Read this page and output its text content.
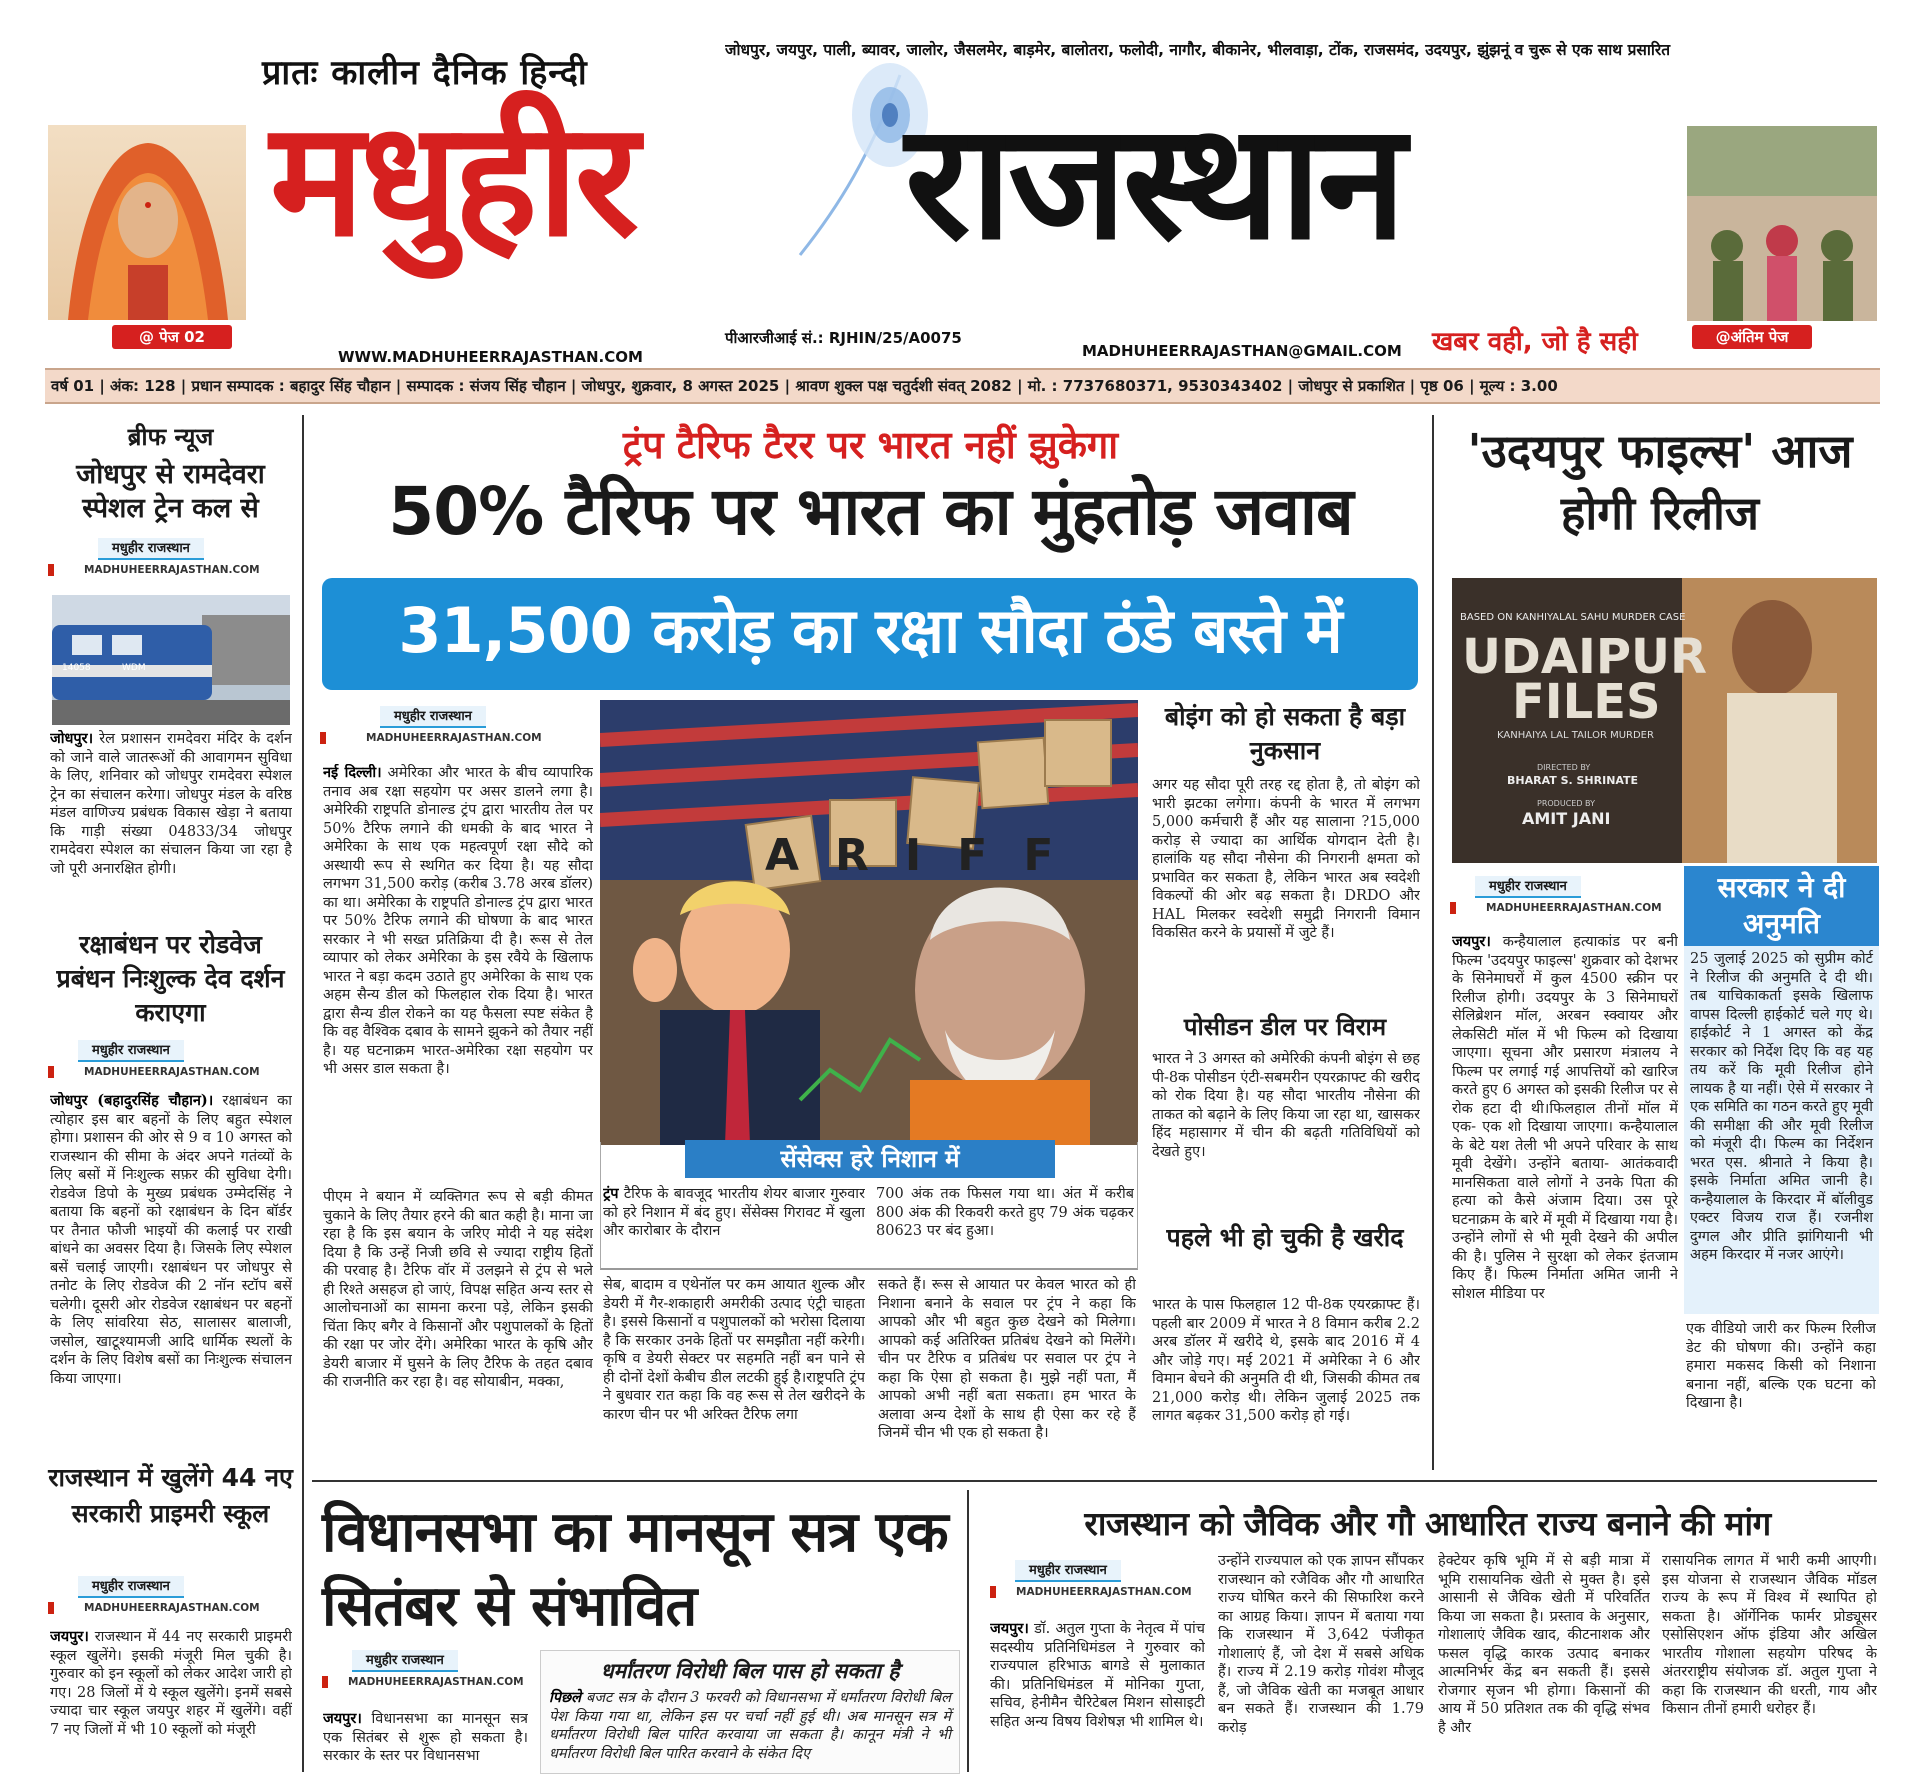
प्रातः कालीन दैनिक हिन्दी
जोधपुर, जयपुर, पाली, ब्यावर, जालोर, जैसलमेर, बाड़मेर, बालोतरा, फलोदी, नागौर, बीकानेर, भीलवाड़ा, टोंक, राजसमंद, उदयपुर, झुंझनूं व चुरू से एक साथ प्रसारित
मधुहीर राजस्थान
@ पेज 02	@अंतिम पेज
WWW.MADHUHEERRAJASTHAN.COM
पीआरजीआई सं.: RJHIN/25/A0075
MADHUHEERRAJASTHAN@GMAIL.COM खबर वही, जो है सही
वर्ष 01 | अंक: 128 | प्रधान सम्पादक : बहादुर सिंह चौहान | सम्पादक : संजय सिंह चौहान | जोधपुर, शुक्रवार, 8 अगस्त 2025 | श्रावण शुक्ल पक्ष चतुर्दशी संवत् 2082 | मो. : 7737680371, 9530343402 | जोधपुर से प्रकाशित | पृष्ठ 06 | मूल्य : 3.00
ब्रीफ न्यूज
जोधपुर से रामदेवरा स्पेशल ट्रेन कल से
मधुहीर राजस्थान
MADHUHEERRAJASTHAN.COM
14058	WDM
जोधपुर। रेल प्रशासन रामदेवरा मंदिर के दर्शन को जाने वाले जातरूओं की आवागमन सुविधा के लिए, शनिवार को जोधपुर रामदेवरा स्पेशल ट्रेन का संचालन करेगा। जोधपुर मंडल के वरिष्ठ मंडल वाणिज्य प्रबंधक विकास खेड़ा ने बताया कि गाड़ी संख्या 04833/34 जोधपुर रामदेवरा स्पेशल का संचालन किया जा रहा है जो पूरी अनारक्षित होगी।
रक्षाबंधन पर रोडवेज प्रबंधन निःशुल्क देव दर्शन कराएगा
मधुहीर राजस्थान
MADHUHEERRAJASTHAN.COM
जोधपुर (बहादुरसिंह चौहान)। रक्षाबंधन का त्योहार इस बार बहनों के लिए बहुत स्पेशल होगा। प्रशासन की ओर से 9 व 10 अगस्त को राजस्थान की सीमा के अंदर अपने गतंव्यों के लिए बसों में निःशुल्क सफ़र की सुविधा देगी। रोडवेज डिपो के मुख्य प्रबंधक उम्मेदसिंह ने बताया कि बहनों को रक्षाबंधन के दिन बॉर्डर पर तैनात फौजी भाइयों की कलाई पर राखी बांधने का अवसर दिया है। जिसके लिए स्पेशल बसें चलाई जाएगी। रक्षाबंधन पर जोधपुर से तनोट के लिए रोडवेज की 2 नॉन स्टॉप बसें चलेगी। दूसरी ओर रोडवेज रक्षाबंधन पर बहनों के लिए सांवरिया सेठ, सालासर बालाजी, जसोल, खाटूश्यामजी आदि धार्मिक स्थलों के दर्शन के लिए विशेष बसों का निःशुल्क संचालन किया जाएगा।
राजस्थान में खुलेंगे 44 नए सरकारी प्राइमरी स्कूल
मधुहीर राजस्थान
MADHUHEERRAJASTHAN.COM
जयपुर। राजस्थान में 44 नए सरकारी प्राइमरी स्कूल खुलेंगे। इसकी मंजूरी मिल चुकी है। गुरुवार को इन स्कूलों को लेकर आदेश जारी हो गए। 28 जिलों में ये स्कूल खुलेंगे। इनमें सबसे ज्यादा चार स्कूल जयपुर शहर में खुलेंगे। वहीं 7 नए जिलों में भी 10 स्कूलों को मंजूरी
ट्रंप टैरिफ टैरर पर भारत नहीं झुकेगा
50% टैरिफ पर भारत का मुंहतोड़ जवाब
31,500 करोड़ का रक्षा सौदा ठंडे बस्ते में
मधुहीर राजस्थान
MADHUHEERRAJASTHAN.COM
नई दिल्ली। अमेरिका और भारत के बीच व्यापारिक तनाव अब रक्षा सहयोग पर असर डालने लगा है। अमेरिकी राष्ट्रपति डोनाल्ड ट्रंप द्वारा भारतीय तेल पर 50% टैरिफ लगाने की धमकी के बाद भारत ने अमेरिका के साथ एक महत्वपूर्ण रक्षा सौदे को अस्थायी रूप से स्थगित कर दिया है। यह सौदा लगभग 31,500 करोड़ (करीब 3.78 अरब डॉलर) का था। अमेरिका के राष्ट्रपति डोनाल्ड ट्रंप द्वारा भारत पर 50% टैरिफ लगाने की घोषणा के बाद भारत सरकार ने भी सख्त प्रतिक्रिया दी है। रूस से तेल व्यापार को लेकर अमेरिका के इस रवैये के खिलाफ भारत ने बड़ा कदम उठाते हुए अमेरिका के साथ एक अहम सैन्य डील को फिलहाल रोक दिया है। भारत द्वारा सैन्य डील रोकने का यह फैसला स्पष्ट संकेत है कि वह वैश्विक दबाव के सामने झुकने को तैयार नहीं है। यह घटनाक्रम भारत-अमेरिका रक्षा सहयोग पर भी असर डाल सकता है।
पीएम ने बयान में व्यक्तिगत रूप से बड़ी कीमत चुकाने के लिए तैयार हरने की बात कही है। माना जा रहा है कि इस बयान के जरिए मोदी ने यह संदेश दिया है कि उन्हें निजी छवि से ज्यादा राष्ट्रीय हितों की परवाह है। टैरिफ वॉर में उलझने से ट्रंप से भले ही रिश्ते असहज हो जाएं, विपक्ष सहित अन्य स्तर से आलोचनाओं का सामना करना पड़े, लेकिन इसकी चिंता किए बगैर वे किसानों और पशुपालकों के हितों की रक्षा पर जोर देंगे। अमेरिका भारत के कृषि और डेयरी बाजार में घुसने के लिए टैरिफ के तहत दबाव की राजनीति कर रहा है। वह सोयाबीन, मक्का,
ARIFF
सेंसेक्स हरे निशान में
ट्रंप टैरिफ के बावजूद भारतीय शेयर बाजार गुरुवार को हरे निशान में बंद हुए। सेंसेक्स गिरावट में खुला और कारोबार के दौरान
700 अंक तक फिसल गया था। अंत में करीब 800 अंक की रिकवरी करते हुए 79 अंक चढ़कर 80623 पर बंद हुआ।
सेब, बादाम व एथेनॉल पर कम आयात शुल्क और डेयरी में गैर-शकाहारी अमरीकी उत्पाद एंट्री चाहता है। इससे किसानों व पशुपालकों को भरोसा दिलाया है कि सरकार उनके हितों पर समझौता नहीं करेगी। कृषि व डेयरी सेक्टर पर सहमति नहीं बन पाने से ही दोनों देशों केबीच डील लटकी हुई है।राष्ट्रपति ट्रंप ने बुधवार रात कहा कि वह रूस से तेल खरीदने के कारण चीन पर भी अरिक्त टैरिफ लगा
सकते हैं। रूस से आयात पर केवल भारत को ही निशाना बनाने के सवाल पर ट्रंप ने कहा कि आपको और भी बहुत कुछ देखने को मिलेगा। आपको कई अतिरिक्त प्रतिबंध देखने को मिलेंगे। चीन पर टैरिफ व प्रतिबंध पर सवाल पर ट्रंप ने कहा कि ऐसा हो सकता है। मुझे नहीं पता, मैं आपको अभी नहीं बता सकता। हम भारत के अलावा अन्य देशों के साथ ही ऐसा कर रहे हैं जिनमें चीन भी एक हो सकता है।
बोइंग को हो सकता है बड़ा नुकसान
अगर यह सौदा पूरी तरह रद्द होता है, तो बोइंग को भारी झटका लगेगा। कंपनी के भारत में लगभग 5,000 कर्मचारी हैं और यह सालाना ?15,000 करोड़ से ज्यादा का आर्थिक योगदान देती है। हालांकि यह सौदा नौसेना की निगरानी क्षमता को प्रभावित कर सकता है, लेकिन भारत अब स्वदेशी विकल्पों की ओर बढ़ सकता है। DRDO और HAL मिलकर स्वदेशी समुद्री निगरानी विमान विकसित करने के प्रयासों में जुटे हैं।
पोसीडन डील पर विराम
भारत ने 3 अगस्त को अमेरिकी कंपनी बोइंग से छह पी-8क पोसीडन एंटी-सबमरीन एयरक्राफ्ट की खरीद को रोक दिया है। यह सौदा भारतीय नौसेना की ताकत को बढ़ाने के लिए किया जा रहा था, खासकर हिंद महासागर में चीन की बढ़ती गतिविधियों को देखते हुए।
पहले भी हो चुकी है खरीद
भारत के पास फिलहाल 12 पी-8क एयरक्राफ्ट हैं। पहली बार 2009 में भारत ने 8 विमान करीब 2.2 अरब डॉलर में खरीदे थे, इसके बाद 2016 में 4 और जोड़े गए। मई 2021 में अमेरिका ने 6 और विमान बेचने की अनुमति दी थी, जिसकी कीमत तब 21,000 करोड़ थी। लेकिन जुलाई 2025 तक लागत बढ़कर 31,500 करोड़ हो गई।
'उदयपुर फाइल्स' आज होगी रिलीज
BASED ON KANHIYALAL SAHU MURDER CASE
UDAIPUR
FILES
KANHAIYA LAL TAILOR MURDER
DIRECTED BY
BHARAT S. SHRINATE
PRODUCED BY
AMIT JANI
मधुहीर राजस्थान
MADHUHEERRAJASTHAN.COM
जयपुर। कन्हैयालाल हत्याकांड पर बनी फिल्म 'उदयपुर फाइल्स' शुक्रवार को देशभर के सिनेमाघरों में कुल 4500 स्क्रीन पर रिलीज होगी। उदयपुर के 3 सिनेमाघरों सेलिब्रेशन मॉल, अरबन स्क्वायर और लेकसिटी मॉल में भी फिल्म को दिखाया जाएगा। सूचना और प्रसारण मंत्रालय ने फिल्म पर लगाई गई आपत्तियों को खारिज करते हुए 6 अगस्त को इसकी रिलीज पर से रोक हटा दी थी।फिलहाल तीनों मॉल में एक- एक शो दिखाया जाएगा। कन्हैयालाल के बेटे यश तेली भी अपने परिवार के साथ मूवी देखेंगे। उन्होंने बताया- आतंकवादी मानसिकता वाले लोगों ने उनके पिता की हत्या को कैसे अंजाम दिया। उस पूरे घटनाक्रम के बारे में मूवी में दिखाया गया है। उन्होंने लोगों से भी मूवी देखने की अपील की है। पुलिस ने सुरक्षा को लेकर इंतजाम किए हैं। फिल्म निर्माता अमित जानी ने सोशल मीडिया पर
सरकार ने दी अनुमति
25 जुलाई 2025 को सुप्रीम कोर्ट ने रिलीज की अनुमति दे दी थी। तब याचिकाकर्ता इसके खिलाफ वापस दिल्ली हाईकोर्ट चले गए थे। हाईकोर्ट ने 1 अगस्त को केंद्र सरकार को निर्देश दिए कि वह यह तय करें कि मूवी रिलीज होने लायक है या नहीं। ऐसे में सरकार ने एक समिति का गठन करते हुए मूवी की समीक्षा की और मूवी रिलीज को मंजूरी दी। फिल्म का निर्देशन भरत एस. श्रीनाते ने किया है। इसके निर्माता अमित जानी है। कन्हैयालाल के किरदार में बॉलीवुड एक्टर विजय राज हैं। रजनीश दुग्गल और प्रीति झांगियानी भी अहम किरदार में नजर आएंगे।
एक वीडियो जारी कर फिल्म रिलीज डेट की घोषणा की। उन्होंने कहा हमारा मकसद किसी को निशाना बनाना नहीं, बल्कि एक घटना को दिखाना है।
विधानसभा का मानसून सत्र एक सितंबर से संभावित
मधुहीर राजस्थान
MADHUHEERRAJASTHAN.COM
जयपुर। विधानसभा का मानसून सत्र एक सितंबर से शुरू हो सकता है। सरकार के स्तर पर विधानसभा
धर्मांतरण विरोधी बिल पास हो सकता है
पिछले बजट सत्र के दौरान 3 फरवरी को विधानसभा में धर्मांतरण विरोधी बिल पेश किया गया था, लेकिन इस पर चर्चा नहीं हुई थी। अब मानसून सत्र में धर्मांतरण विरोधी बिल पारित करवाया जा सकता है। कानून मंत्री ने भी धर्मांतरण विरोधी बिल पारित करवाने के संकेत दिए
राजस्थान को जैविक और गौ आधारित राज्य बनाने की मांग
मधुहीर राजस्थान
MADHUHEERRAJASTHAN.COM
जयपुर। डॉ. अतुल गुप्ता के नेतृत्व में पांच सदस्यीय प्रतिनिधिमंडल ने गुरुवार को राज्यपाल हरिभाऊ बागडे से मुलाकात की। प्रतिनिधिमंडल में मोनिका गुप्ता, सचिव, हेनीमैन चैरिटेबल मिशन सोसाइटी सहित अन्य विषय विशेषज्ञ भी शामिल थे।
उन्होंने राज्यपाल को एक ज्ञापन सौंपकर राजस्थान को रजैविक और गौ आधारित राज्य घोषित करने की सिफारिश करने का आग्रह किया। ज्ञापन में बताया गया कि राजस्थान में 3,642 पंजीकृत गोशालाएं हैं, जो देश में सबसे अधिक हैं। राज्य में 2.19 करोड़ गोवंश मौजूद हैं, जो जैविक खेती का मजबूत आधार बन सकते हैं। राजस्थान की 1.79 करोड़
हेक्टेयर कृषि भूमि में से बड़ी मात्रा में भूमि रासायनिक खेती से मुक्त है। इसे आसानी से जैविक खेती में परिवर्तित किया जा सकता है। प्रस्ताव के अनुसार, गोशालाएं जैविक खाद, कीटनाशक और फसल वृद्धि कारक उत्पाद बनाकर आत्मनिर्भर केंद्र बन सकती हैं। इससे रोजगार सृजन भी होगा। किसानों की आय में 50 प्रतिशत तक की वृद्धि संभव है और
रासायनिक लागत में भारी कमी आएगी। इस योजना से राजस्थान जैविक मॉडल राज्य के रूप में विश्व में स्थापित हो सकता है। ऑर्गेनिक फार्मर प्रोड्यूसर एसोसिएशन ऑफ इंडिया और अखिल भारतीय गोशाला सहयोग परिषद के अंतरराष्ट्रीय संयोजक डॉ. अतुल गुप्ता ने कहा कि राजस्थान की धरती, गाय और किसान तीनों हमारी धरोहर हैं।
